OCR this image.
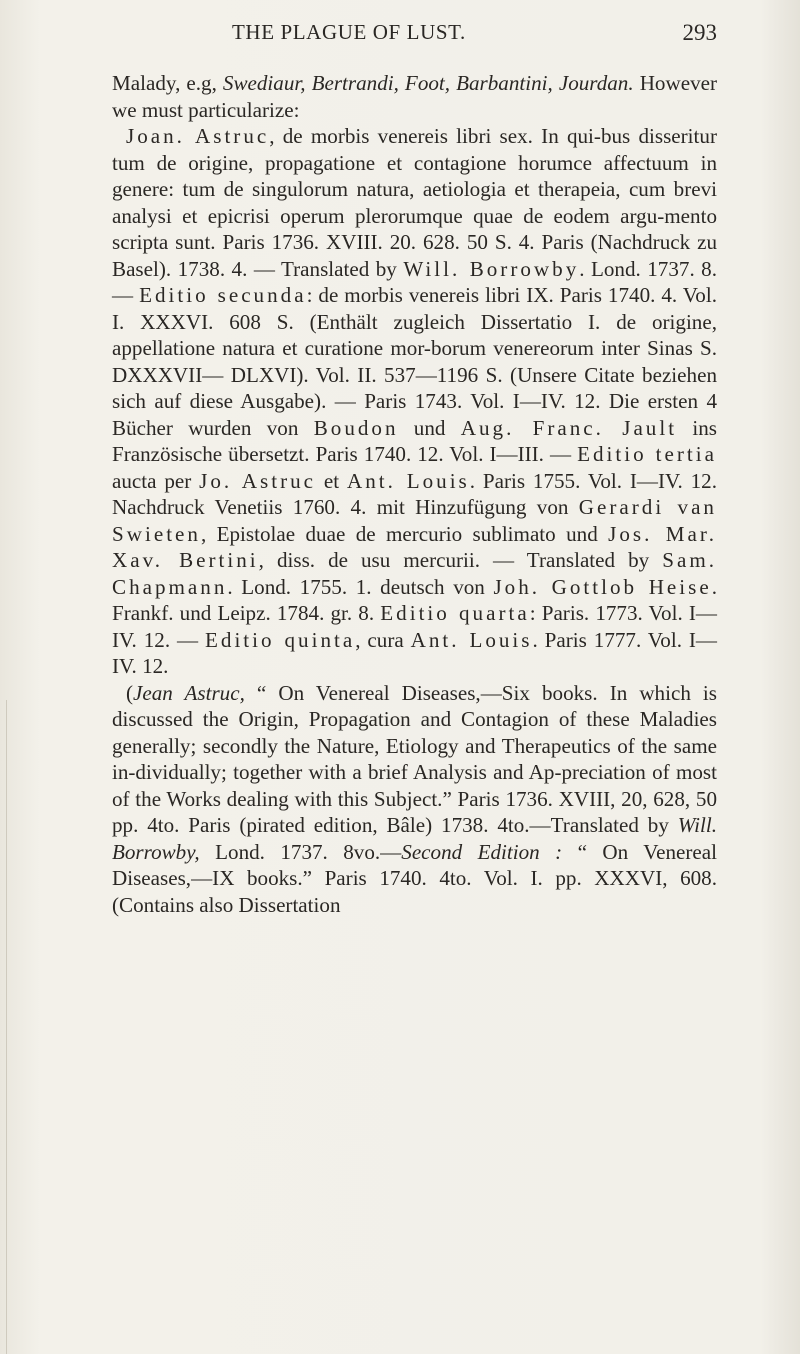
THE PLAGUE OF LUST.	293

Malady, e.g, Swediaur, Bertrandi, Foot, Barbantini, Jourdan. However we must particularize:

Joan. Astruc, de morbis venereis libri sex. In qui-bus disseritur tum de origine, propagatione et contagione horumce affectuum in genere: tum de singulorum natura, aetiologia et therapeia, cum brevi analysi et epicrisi operum plerorumque quae de eodem argu-mento scripta sunt. Paris 1736. XVIII. 20. 628. 50 S. 4. Paris (Nachdruck zu Basel). 1738. 4. — Translated by Will. Borrowby. Lond. 1737. 8. — Editio secunda: de morbis venereis libri IX. Paris 1740. 4. Vol. I. XXXVI. 608 S. (Enthält zugleich Dissertatio I. de origine, appellatione natura et curatione mor-borum venereorum inter Sinas S. DXXXVII— DLXVI). Vol. II. 537—1196 S. (Unsere Citate beziehen sich auf diese Ausgabe). — Paris 1743. Vol. I—IV. 12. Die ersten 4 Bücher wurden von Boudon und Aug. Franc. Jault ins Französische übersetzt. Paris 1740. 12. Vol. I—III. — Editio tertia aucta per Jo. Astruc et Ant. Louis. Paris 1755. Vol. I—IV. 12. Nachdruck Venetiis 1760. 4. mit Hinzufügung von Gerardi van Swieten, Epistolae duae de mercurio sublimato und Jos. Mar. Xav. Bertini, diss. de usu mercurii. — Translated by Sam. Chapmann. Lond. 1755. 1. deutsch von Joh. Gottlob Heise. Frankf. und Leipz. 1784. gr. 8. Editio quarta: Paris. 1773. Vol. I—IV. 12. — Editio quinta, cura Ant. Louis. Paris 1777. Vol. I—IV. 12.

(Jean Astruc, “ On Venereal Diseases,—Six books. In which is discussed the Origin, Propagation and Contagion of these Maladies generally; secondly the Nature, Etiology and Therapeutics of the same in-dividually; together with a brief Analysis and Ap-preciation of most of the Works dealing with this Subject.” Paris 1736. XVIII, 20, 628, 50 pp. 4to. Paris (pirated edition, Bâle) 1738. 4to.—Translated by Will. Borrowby, Lond. 1737. 8vo.—Second Edition : “ On Venereal Diseases,—IX books.” Paris 1740. 4to. Vol. I. pp. XXXVI, 608. (Contains also Dissertation
